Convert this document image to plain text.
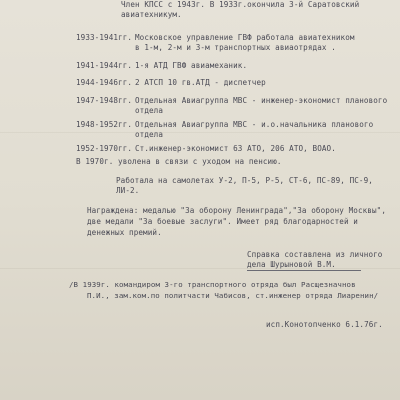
Член КПСС с 1943г. В 1933г.окончила 3-й Саратовский
авиатехникум.
1933-1941гг. Московское управление ГВФ работала авиатехником
в 1-м, 2-м и 3-м транспортных авиаотрядах .
1941-1944гг. 1-я АТД ГВФ авиамеханик.
1944-1946гг. 2 АТСП 10 гв.АТД - диспетчер
1947-1948гг. Отдельная Авиагруппа МВС - инженер-экономист планового
отдела
1948-1952гг. Отдельная Авиагруппа МВС - и.о.начальника планового
отдела
1952-1970гг. Ст.инженер-экономист 63 АТО, 206 АТО, ВОАО.
В 1970г. уволена в связи с уходом на пенсию.
Работала на самолетах У-2, П-5, Р-5, СТ-6, ПС-89, ПС-9,
ЛИ-2.
Награждена: медалью "За оборону Ленинграда","За оборону Москвы",
две медали "За боевые заслуги". Имеет ряд благодарностей и
денежных премий.
Справка составлена из личного
дела Шурыновой В.М.
/В 1939г. командиром 3-го транспортного отряда был Расщезначнов
П.И., зам.ком.по политчасти Чабисов, ст.инженер отряда Лиаренин/
исп.Конотопченко 6.1.76г.
